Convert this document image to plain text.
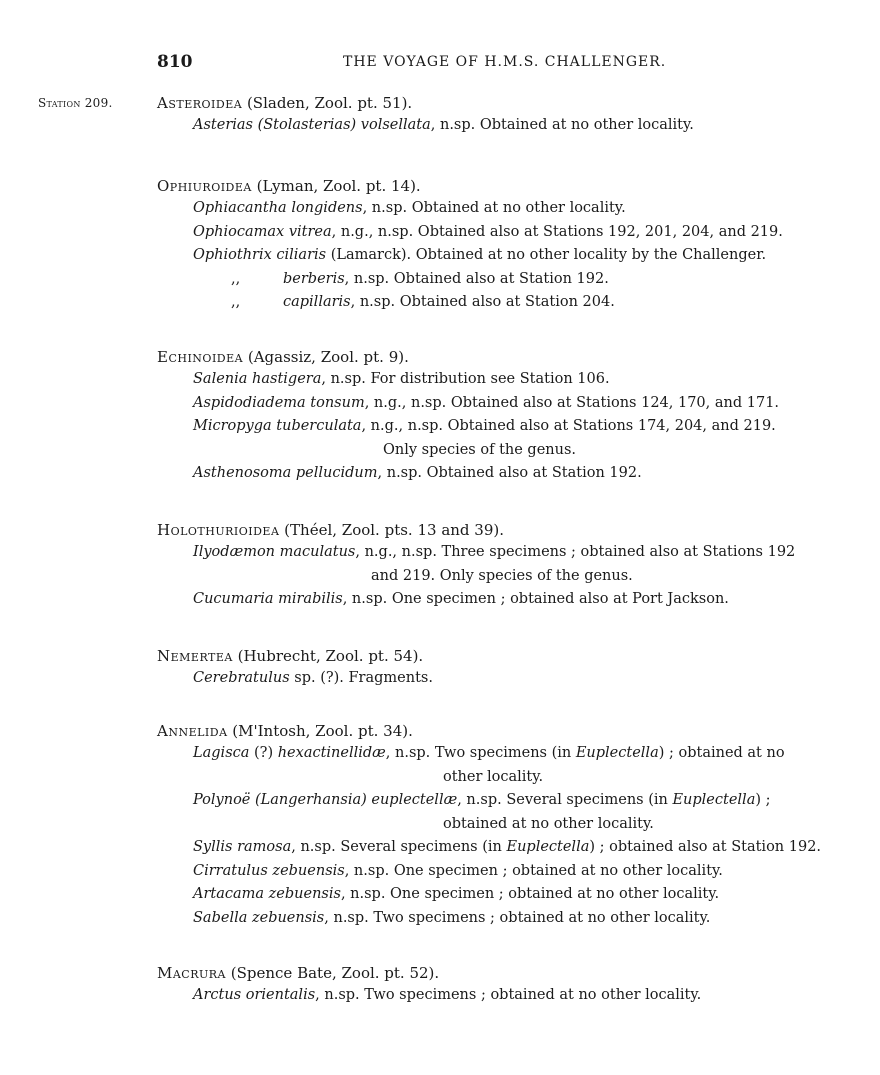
810	THE VOYAGE OF H.M.S. CHALLENGER.
Station 209.	Asteroidea (Sladen, Zool. pt. 51).
Asterias (Stolasterias) volsellata, n.sp. Obtained at no other locality.
Ophiuroidea (Lyman, Zool. pt. 14).
Ophiacantha longidens, n.sp. Obtained at no other locality.
Ophiocamax vitrea, n.g., n.sp. Obtained also at Stations 192, 201, 204, and 219.
Ophiothrix ciliaris (Lamarck). Obtained at no other locality by the Challenger.
,,	berberis, n.sp. Obtained also at Station 192.
,,	capillaris, n.sp. Obtained also at Station 204.
Echinoidea (Agassiz, Zool. pt. 9).
Salenia hastigera, n.sp. For distribution see Station 106.
Aspidodiadema tonsum, n.g., n.sp. Obtained also at Stations 124, 170, and 171.
Micropyga tuberculata, n.g., n.sp. Obtained also at Stations 174, 204, and 219.
Only species of the genus.
Asthenosoma pellucidum, n.sp. Obtained also at Station 192.
Holothurioidea (Théel, Zool. pts. 13 and 39).
Ilyodæmon maculatus, n.g., n.sp. Three specimens ; obtained also at Stations 192
and 219. Only species of the genus.
Cucumaria mirabilis, n.sp. One specimen ; obtained also at Port Jackson.
Nemertea (Hubrecht, Zool. pt. 54).
Cerebratulus sp. (?). Fragments.
Annelida (M'Intosh, Zool. pt. 34).
Lagisca (?) hexactinellidæ, n.sp. Two specimens (in Euplectella) ; obtained at no
other locality.
Polynoë (Langerhansia) euplectellæ, n.sp. Several specimens (in Euplectella) ;
obtained at no other locality.
Syllis ramosa, n.sp. Several specimens (in Euplectella) ; obtained also at Station 192.
Cirratulus zebuensis, n.sp. One specimen ; obtained at no other locality.
Artacama zebuensis, n.sp. One specimen ; obtained at no other locality.
Sabella zebuensis, n.sp. Two specimens ; obtained at no other locality.
Macrura (Spence Bate, Zool. pt. 52).
Arctus orientalis, n.sp. Two specimens ; obtained at no other locality.
